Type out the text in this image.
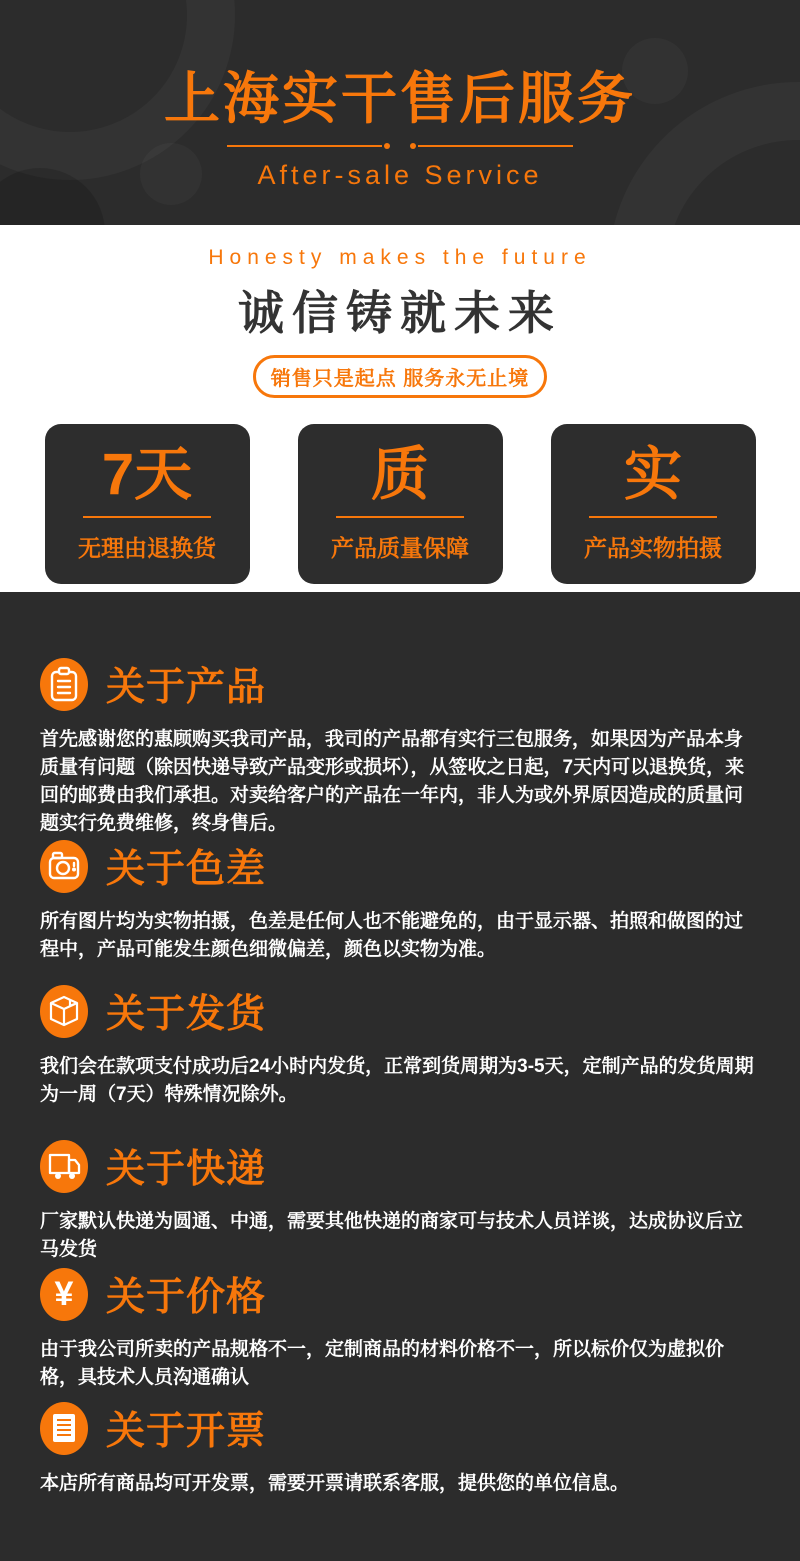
上海实干售后服务
After-sale Service
Honesty makes the future
诚信铸就未来
销售只是起点 服务永无止境
7天
无理由退换货
质
产品质量保障
实
产品实物拍摄
关于产品
首先感谢您的惠顾购买我司产品，我司的产品都有实行三包服务，如果因为产品本身质量有问题（除因快递导致产品变形或损坏），从签收之日起，7天内可以退换货，来回的邮费由我们承担。对卖给客户的产品在一年内，非人为或外界原因造成的质量问题实行免费维修，终身售后。
关于色差
所有图片均为实物拍摄，色差是任何人也不能避免的，由于显示器、拍照和做图的过程中，产品可能发生颜色细微偏差，颜色以实物为准。
关于发货
我们会在款项支付成功后24小时内发货，正常到货周期为3-5天，定制产品的发货周期为一周（7天）特殊情况除外。
关于快递
厂家默认快递为圆通、中通，需要其他快递的商家可与技术人员详谈，达成协议后立马发货
¥ 关于价格
由于我公司所卖的产品规格不一，定制商品的材料价格不一，所以标价仅为虚拟价格，具技术人员沟通确认
关于开票
本店所有商品均可开发票，需要开票请联系客服，提供您的单位信息。
